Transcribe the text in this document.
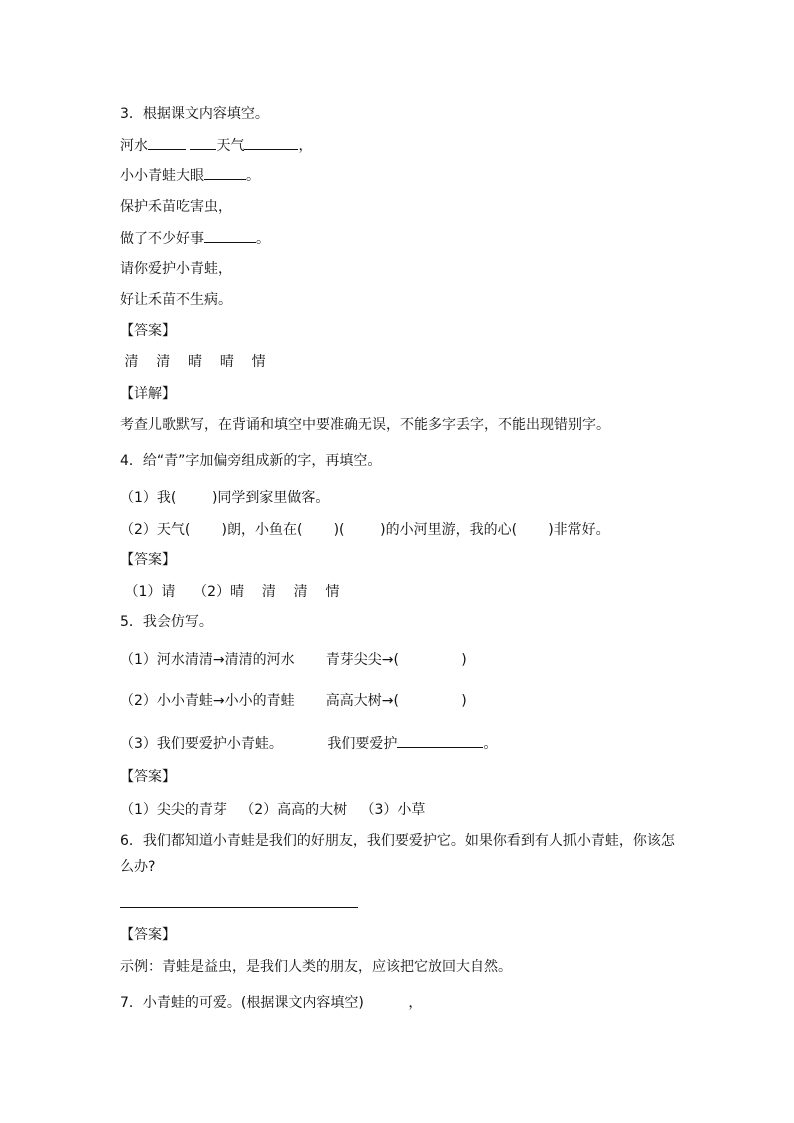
3．根据课文内容填空。
河水	天气	，
小小青蛙大眼	。
保护禾苗吃害虫，
做了不少好事	。
请你爱护小青蛙，
好让禾苗不生病。
【答案】
清    清    晴    晴    情
【详解】
考查儿歌默写，在背诵和填空中要准确无误，不能多字丢字，不能出现错别字。
4．给“青”字加偏旁组成新的字，再填空。
（1）我(        )同学到家里做客。
（2）天气(       )朗，小鱼在(       )(        )的小河里游，我的心(       )非常好。
【答案】
（1）请    （2）晴    清    清    情
5．我会仿写。
（1）河水清清→清清的河水       青芽尖尖→(              )
（2）小小青蛙→小小的青蛙       高高大树→(              )
（3）我们要爱护小青蛙。          我们要爱护	。
【答案】
（1）尖尖的青芽   （2）高高的大树   （3）小草
6．我们都知道小青蛙是我们的好朋友，我们要爱护它。如果你看到有人抓小青蛙，你该怎么办?
【答案】
示例：青蛙是益虫，是我们人类的朋友，应该把它放回大自然。
7．小青蛙的可爱。(根据课文内容填空)          ，
